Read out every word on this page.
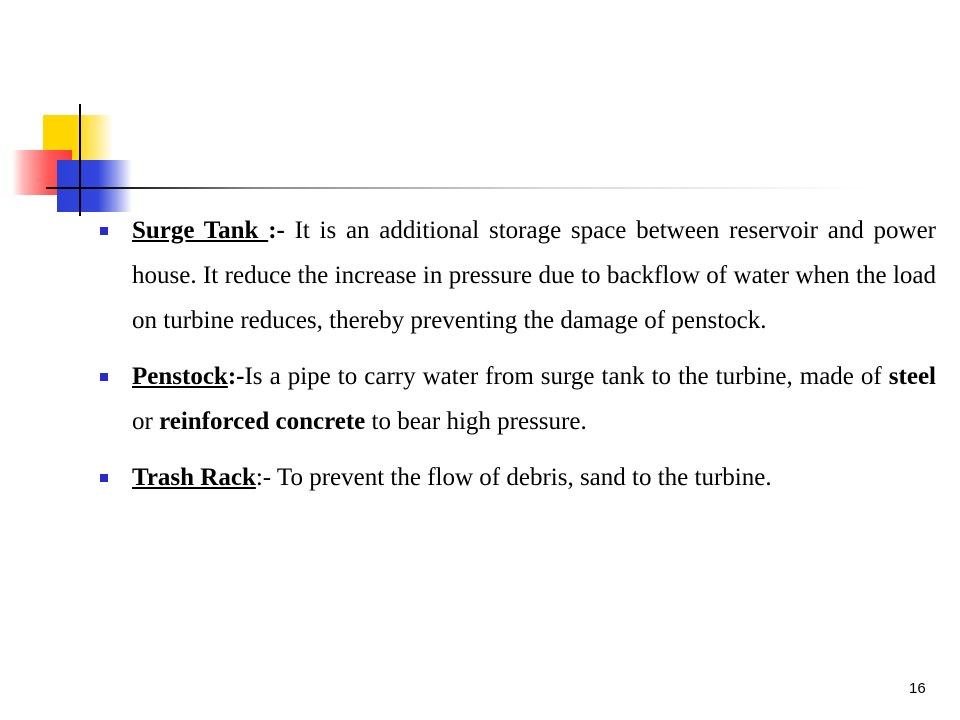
Surge Tank :- It is an additional storage space between reservoir and power house. It reduce the increase in pressure due to backflow of water when the load on turbine reduces, thereby preventing the damage of penstock.
Penstock:-Is a pipe to carry water from surge tank to the turbine, made of steel or reinforced concrete to bear high pressure.
Trash Rack:- To prevent the flow of debris, sand to the turbine.
16
